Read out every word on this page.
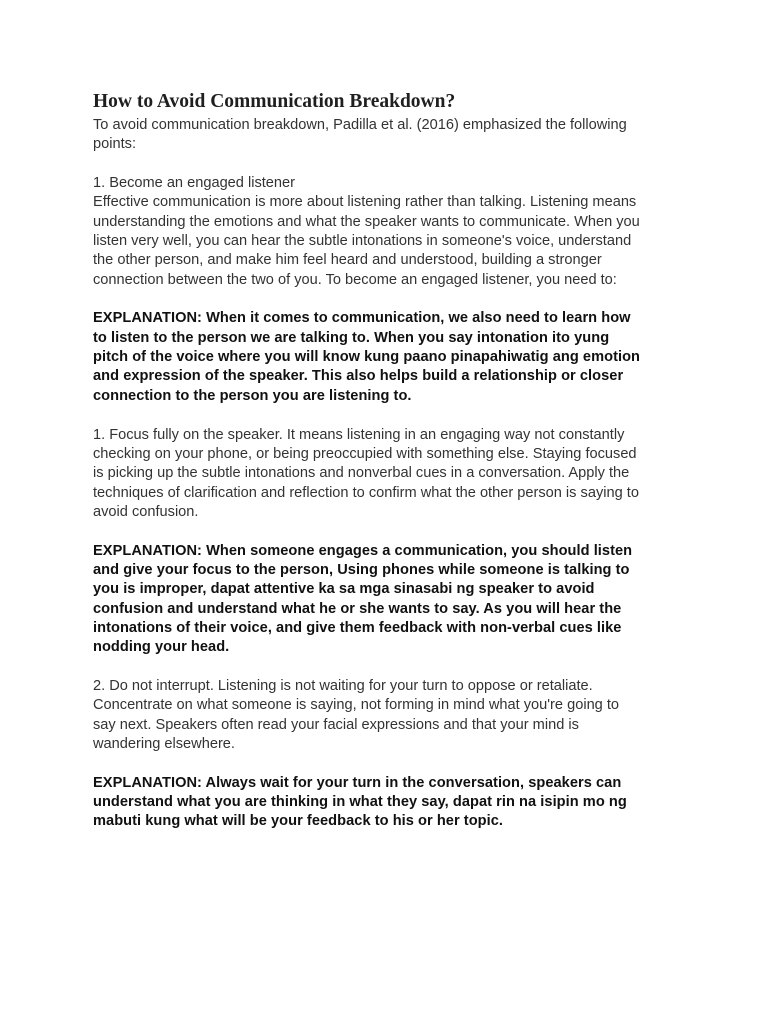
How to Avoid Communication Breakdown?

To avoid communication breakdown, Padilla et al. (2016) emphasized the following
points:

1. Become an engaged listener
Effective communication is more about listening rather than talking. Listening means
understanding the emotions and what the speaker wants to communicate. When you
listen very well, you can hear the subtle intonations in someone's voice, understand
the other person, and make him feel heard and understood, building a stronger
connection between the two of you. To become an engaged listener, you need to:

EXPLANATION: When it comes to communication, we also need to learn how
to listen to the person we are talking to. When you say intonation ito yung
pitch of the voice where you will know kung paano pinapahiwatig ang emotion
and expression of the speaker. This also helps build a relationship or closer
connection to the person you are listening to.

1. Focus fully on the speaker. It means listening in an engaging way not constantly
checking on your phone, or being preoccupied with something else. Staying focused
is picking up the subtle intonations and nonverbal cues in a conversation. Apply the
techniques of clarification and reflection to confirm what the other person is saying to
avoid confusion.

EXPLANATION: When someone engages a communication, you should listen
and give your focus to the person, Using phones while someone is talking to
you is improper, dapat attentive ka sa mga sinasabi ng speaker to avoid
confusion and understand what he or she wants to say. As you will hear the
intonations of their voice, and give them feedback with non-verbal cues like
nodding your head.

2. Do not interrupt. Listening is not waiting for your turn to oppose or retaliate.
Concentrate on what someone is saying, not forming in mind what you're going to
say next. Speakers often read your facial expressions and that your mind is
wandering elsewhere.

EXPLANATION: Always wait for your turn in the conversation, speakers can
understand what you are thinking in what they say, dapat rin na isipin mo ng
mabuti kung what will be your feedback to his or her topic.
